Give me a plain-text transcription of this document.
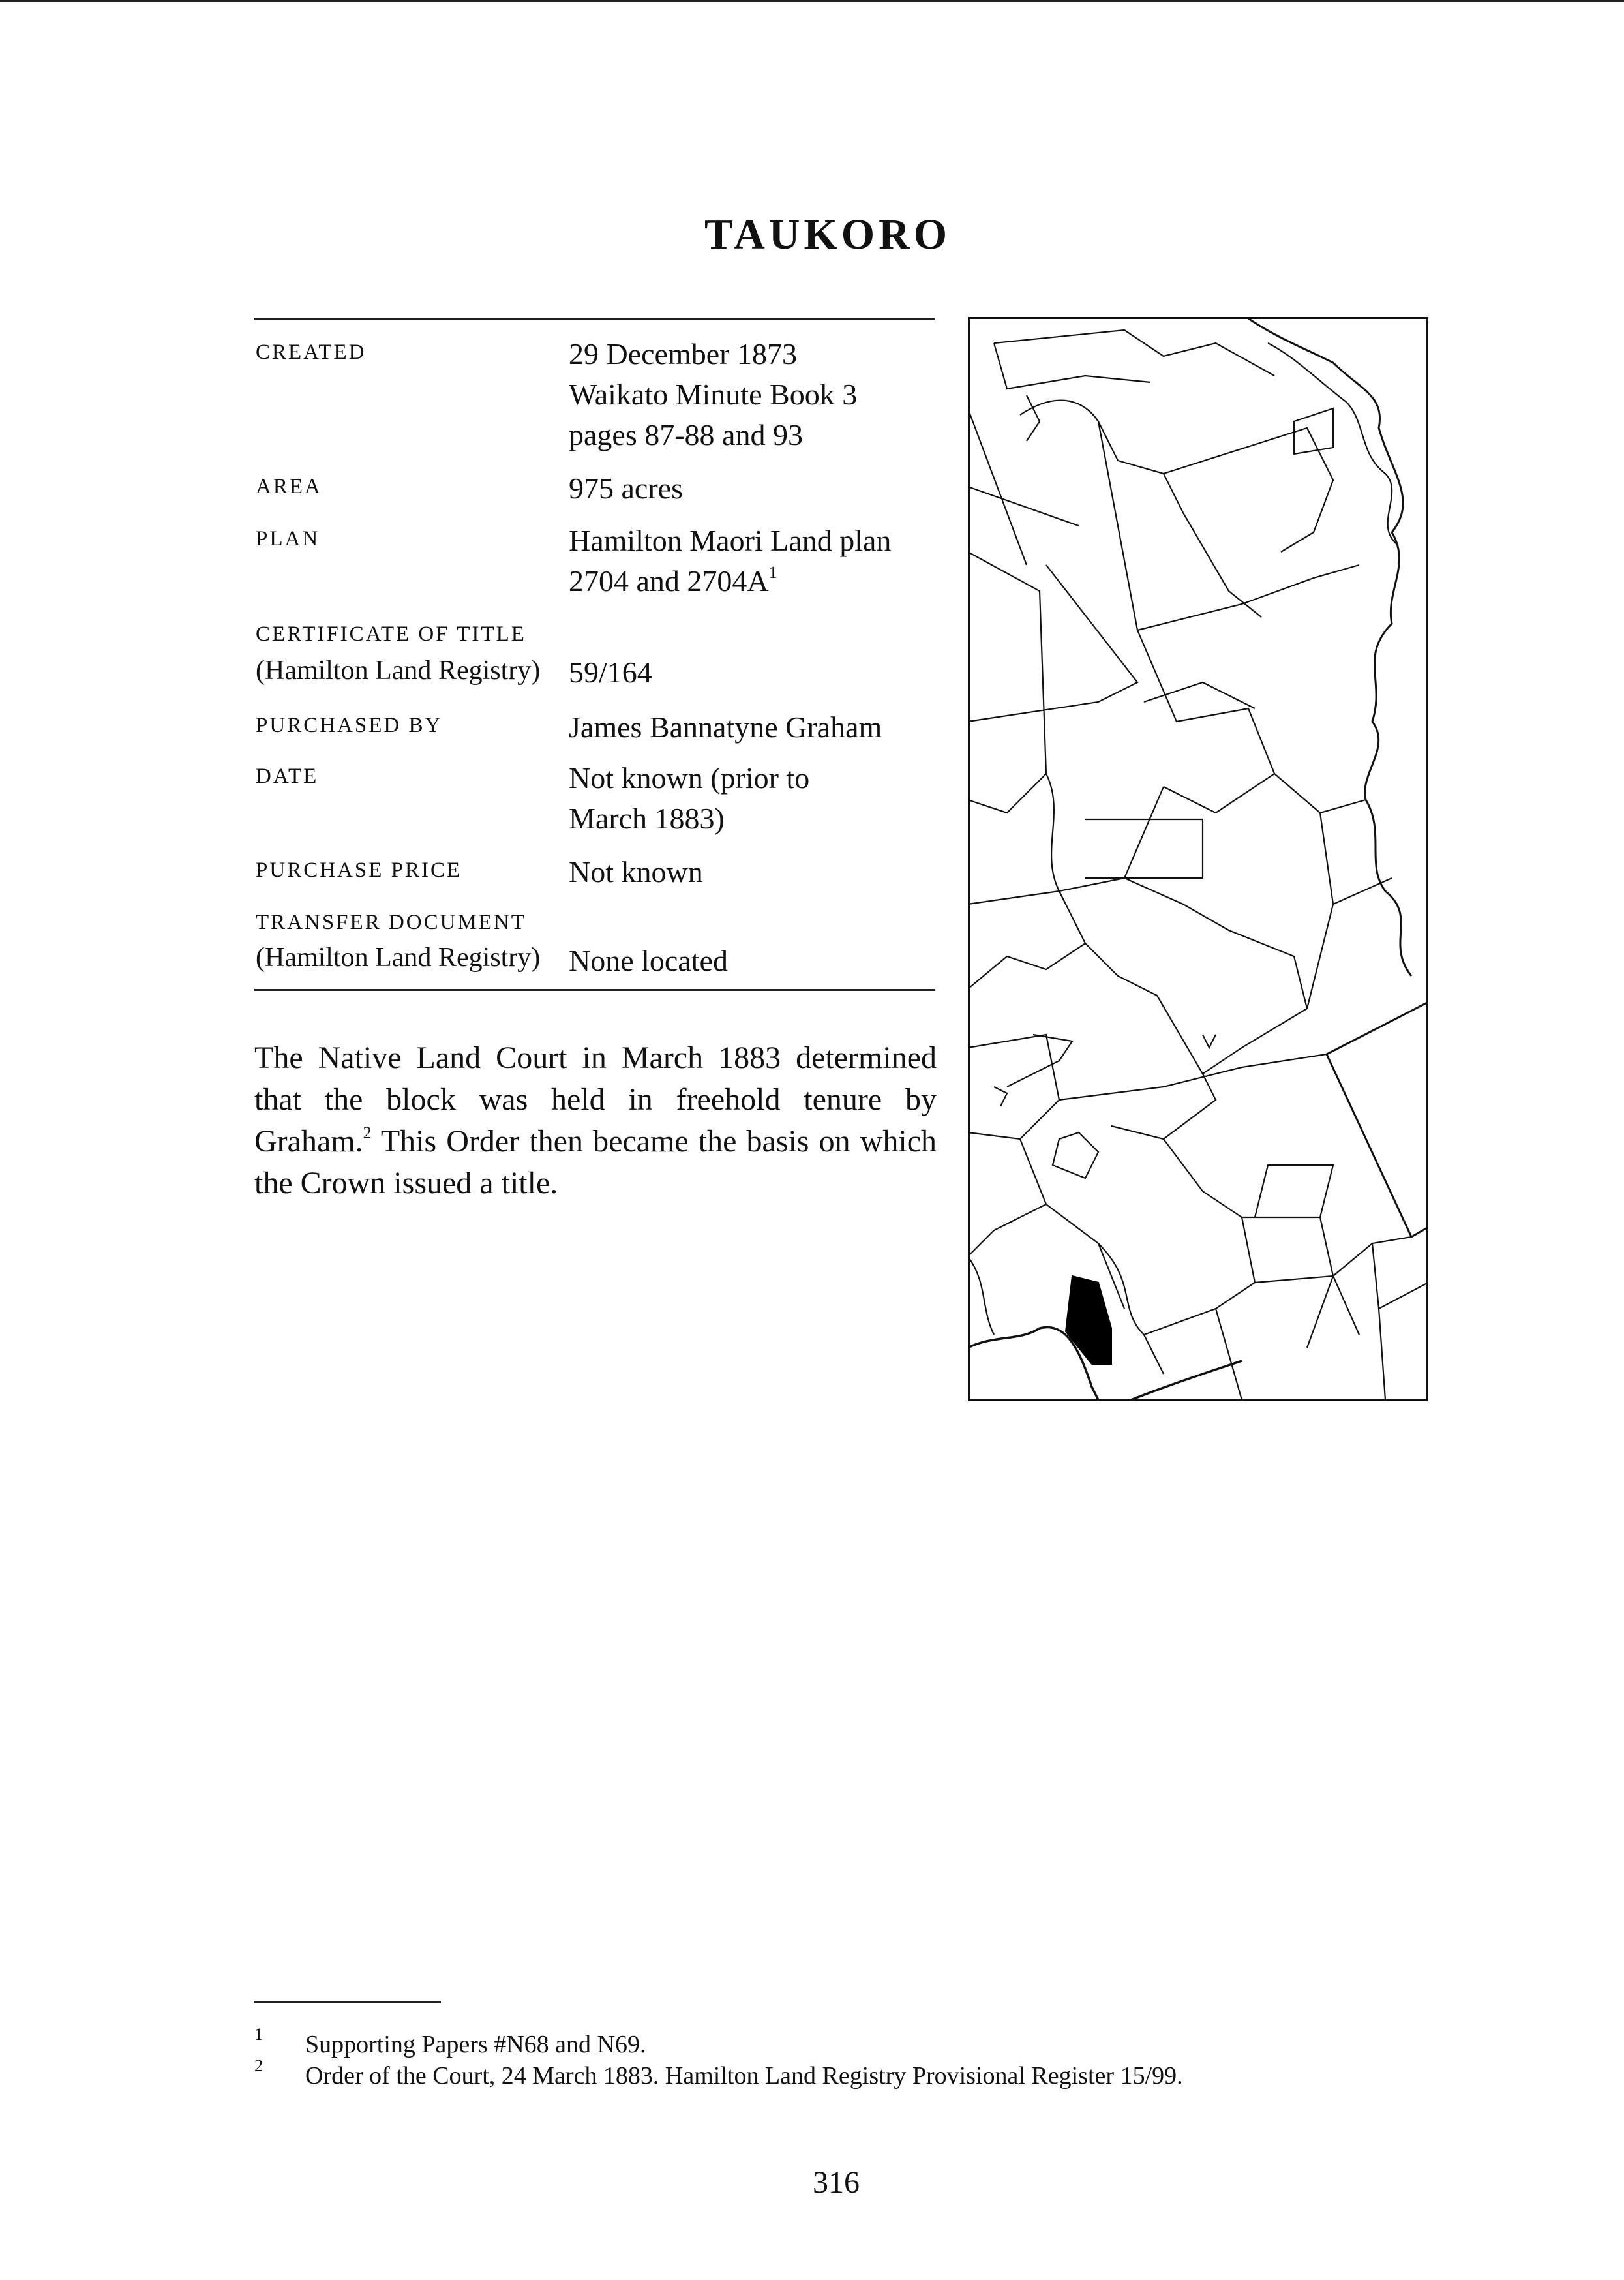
TAUKORO
CREATED	29 December 1873
Waikato Minute Book 3
pages 87-88 and 93
AREA	975 acres
PLAN	Hamilton Maori Land plan
2704 and $2704A^1$
CERTIFICATE OF TITLE
(Hamilton Land Registry) 59/164
PURCHASED BY	James Bannatyne Graham
DATE	Not known (prior to
March 1883)
PURCHASE PRICE	Not known
TRANSFER DOCUMENT
(Hamilton Land Registry) None located

The Native Land Court in March 1883 determined that the block was held in freehold tenure by Graham.$^2$ This Order then became the basis on which the Crown issued a title.

1 Supporting Papers #N68 and N69.
2 Order of the Court, 24 March 1883. Hamilton Land Registry Provisional Register 15/99.
316
